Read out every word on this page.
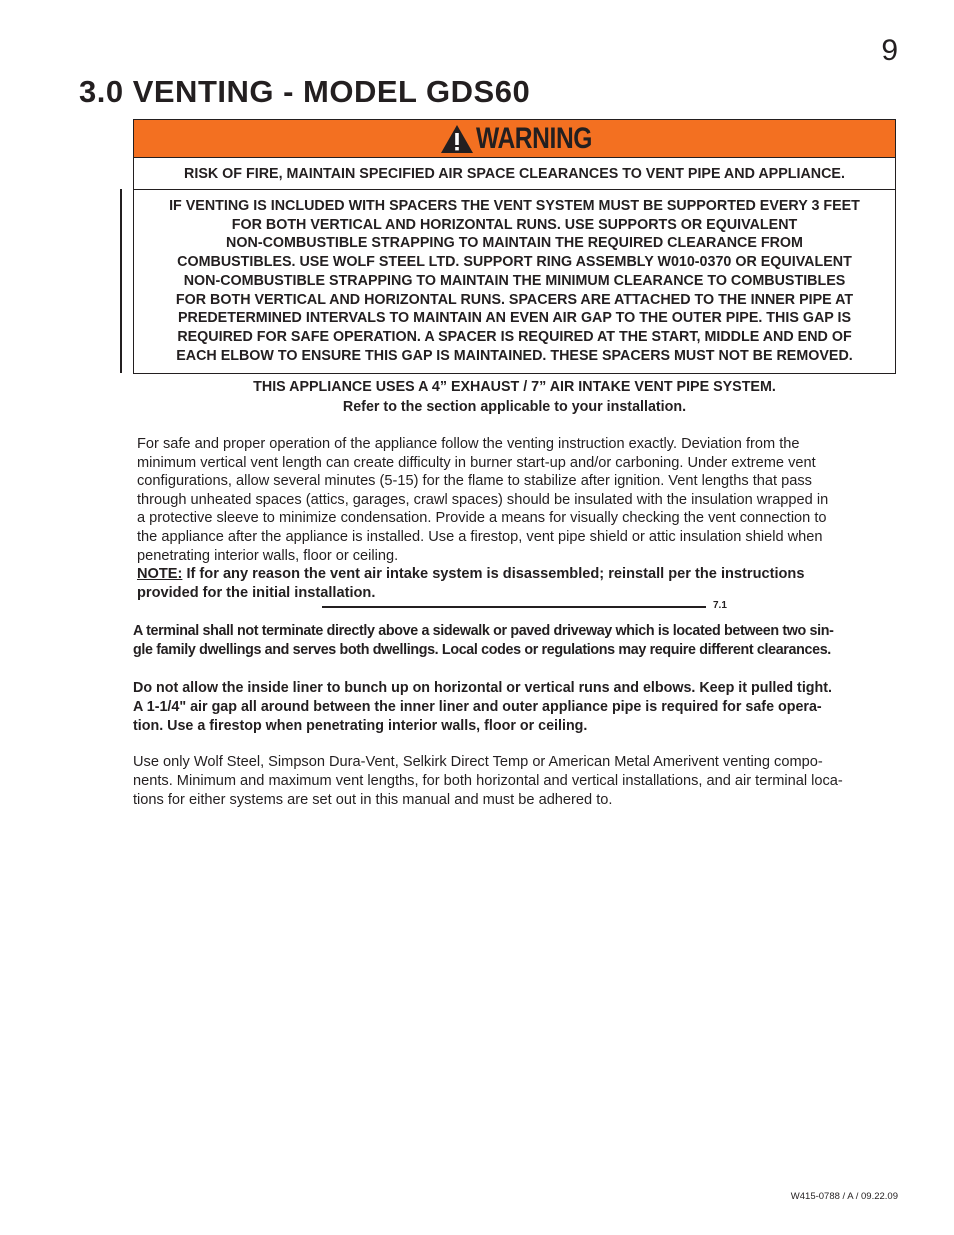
9
3.0 VENTING - MODEL GDS60
WARNING
RISK OF FIRE, MAINTAIN SPECIFIED AIR SPACE CLEARANCES TO VENT PIPE AND APPLIANCE.
IF VENTING IS INCLUDED WITH SPACERS THE VENT SYSTEM MUST BE SUPPORTED EVERY 3 FEET
FOR BOTH VERTICAL AND HORIZONTAL RUNS. USE SUPPORTS OR EQUIVALENT
NON-COMBUSTIBLE STRAPPING TO MAINTAIN THE REQUIRED CLEARANCE FROM
COMBUSTIBLES. USE WOLF STEEL LTD. SUPPORT RING ASSEMBLY W010-0370 OR EQUIVALENT
NON-COMBUSTIBLE STRAPPING TO MAINTAIN THE MINIMUM CLEARANCE TO COMBUSTIBLES
FOR BOTH VERTICAL AND HORIZONTAL RUNS. SPACERS ARE ATTACHED TO THE INNER PIPE AT
PREDETERMINED INTERVALS TO MAINTAIN AN EVEN AIR GAP TO THE OUTER PIPE. THIS GAP IS
REQUIRED FOR SAFE OPERATION. A SPACER IS REQUIRED AT THE START, MIDDLE AND END OF
EACH ELBOW TO ENSURE THIS GAP IS MAINTAINED. THESE SPACERS MUST NOT BE REMOVED.
THIS APPLIANCE USES A 4” EXHAUST / 7” AIR INTAKE VENT PIPE SYSTEM.
Refer to the section applicable to your installation.
For safe and proper operation of the appliance follow the venting instruction exactly. Deviation from the
minimum vertical vent length can create difficulty in burner start-up and/or carboning. Under extreme vent
configurations, allow several minutes (5-15) for the flame to stabilize after ignition. Vent lengths that pass
through unheated spaces (attics, garages, crawl spaces) should be insulated with the insulation wrapped in
a protective sleeve to minimize condensation. Provide a means for visually checking the vent connection to
the appliance after the appliance is installed. Use a firestop, vent pipe shield or attic insulation shield when
penetrating interior walls, floor or ceiling.
NOTE: If for any reason the vent air intake system is disassembled; reinstall per the instructions
provided for the initial installation.
7.1
A terminal shall not terminate directly above a sidewalk or paved driveway which is located between two sin-
gle family dwellings and serves both dwellings. Local codes or regulations may require different clearances.
Do not allow the inside liner to bunch up on horizontal or vertical runs and elbows. Keep it pulled tight.
A 1-1/4" air gap all around between the inner liner and outer appliance pipe is required for safe opera-
tion. Use a firestop when penetrating interior walls, floor or ceiling.
Use only Wolf Steel, Simpson Dura-Vent, Selkirk Direct Temp or American Metal Amerivent venting compo-
nents. Minimum and maximum vent lengths, for both horizontal and vertical installations, and air terminal loca-
tions for either systems are set out in this manual and must be adhered to.
W415-0788 / A / 09.22.09
